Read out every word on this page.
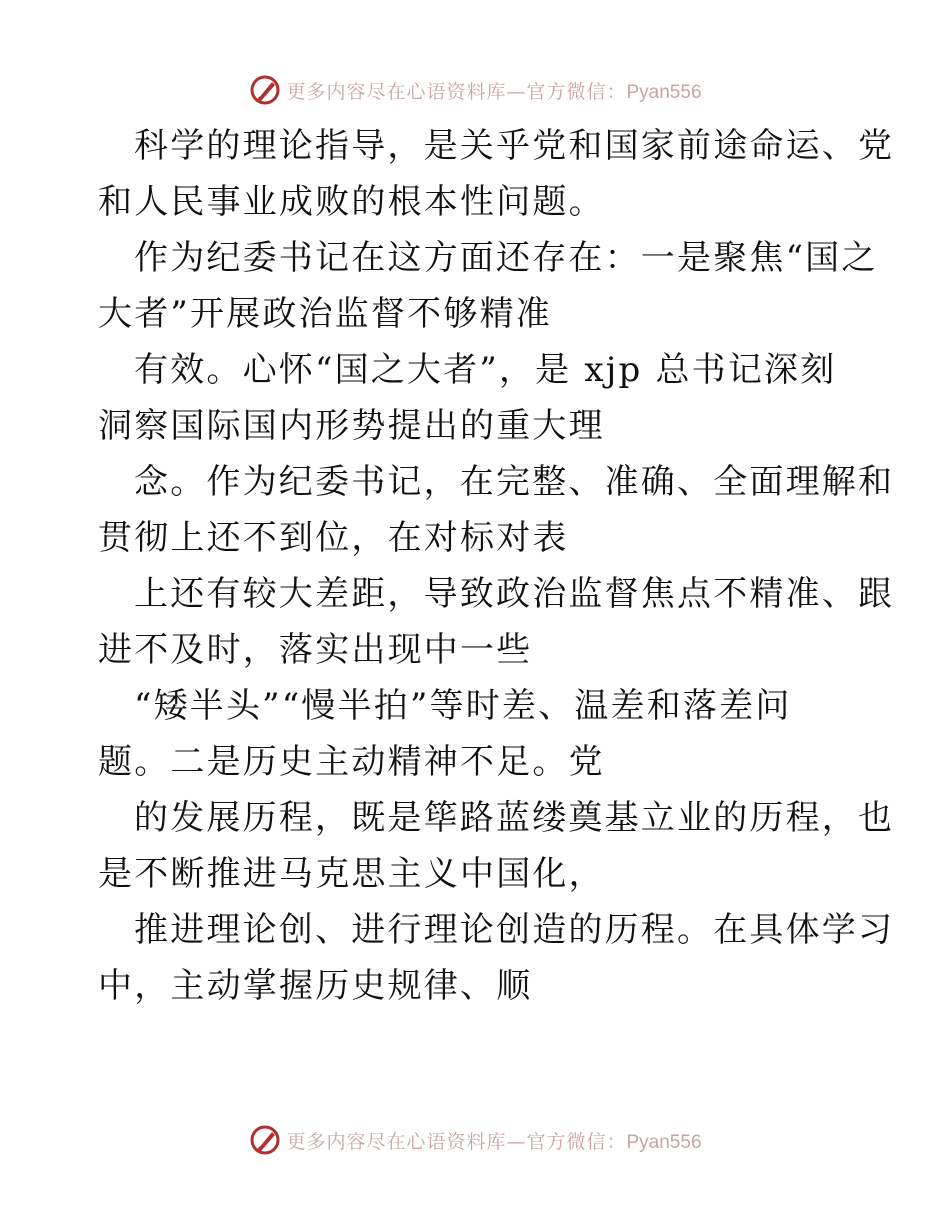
更多内容尽在心语资料库—官方微信：Pyan556
科学的理论指导，是关乎党和国家前途命运、党
和人民事业成败的根本性问题。
作为纪委书记在这方面还存在：一是聚焦“国之
大者”开展政治监督不够精准
有效。心怀“国之大者”，是 xjp 总书记深刻
洞察国际国内形势提出的重大理
念。作为纪委书记，在完整、准确、全面理解和
贯彻上还不到位，在对标对表
上还有较大差距，导致政治监督焦点不精准、跟
进不及时，落实出现中一些
“矮半头”“慢半拍”等时差、温差和落差问
题。二是历史主动精神不足。党
的发展历程，既是筚路蓝缕奠基立业的历程，也
是不断推进马克思主义中国化，
推进理论创、进行理论创造的历程。在具体学习
中，主动掌握历史规律、顺
更多内容尽在心语资料库—官方微信：Pyan556
